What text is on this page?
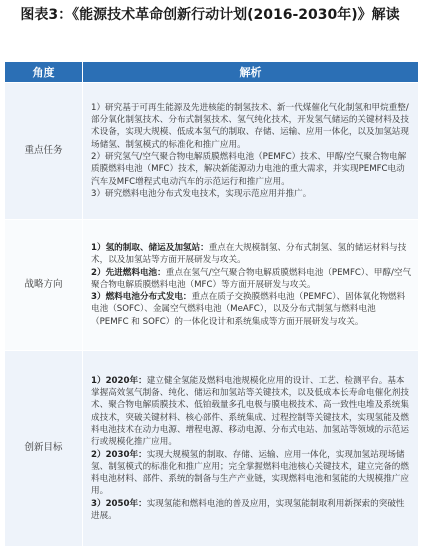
图表3：《能源技术革命创新行动计划(2016-2030年)》解读
角度	解析
重点任务	1）研究基于可再生能源及先进核能的制氢技术、新一代煤催化气化制氢和甲烷重整/部分氧化制氢技术、分布式制氢技术、氢气纯化技术，开发氢气储运的关键材料及技术设备，实现大规模、低成本氢气的制取、存储、运输、应用一体化，以及加氢站现场储氢、制氢模式的标准化和推广应用。

2）研究氢气/空气聚合物电解质膜燃料电池（PEMFC）技术、甲醇/空气聚合物电解质膜燃料电池（MFC）技术，解决新能源动力电池的重大需求，并实现PEMFC电动汽车及MFC增程式电动汽车的示范运行和推广应用。

3）研究燃料电池分布式发电技术，实现示范应用并推广。

战略方向	1）氢的制取、储运及加氢站：重点在大规模制氢、分布式制氢、氢的储运材料与技术，以及加氢站等方面开展研发与攻关。

2）先进燃料电池：重点在氢气/空气聚合物电解质膜燃料电池（PEMFC）、甲醇/空气聚合物电解质膜燃料电池（MFC）等方面开展研发与攻关。

3）燃料电池分布式发电：重点在质子交换膜燃料电池（PEMFC）、固体氧化物燃料电池（SOFC）、金属空气燃料电池（MeAFC），以及分布式制氢与燃料电池（PEMFC 和 SOFC）的一体化设计和系统集成等方面开展研发与攻关。

创新目标	1）2020年：建立健全氢能及燃料电池规模化应用的设计、工艺、检测平台。基本掌握高效氢气制备、纯化、储运和加氢站等关键技术，以及低成本长寿命电催化剂技术、聚合物电解质膜技术、低铂载量多孔电极与膜电极技术、高一致性电堆及系统集成技术，突破关键材料、核心部件、系统集成、过程控制等关键技术，实现氢能及燃料电池技术在动力电源、增程电源、移动电源、分布式电站、加氢站等领域的示范运行或规模化推广应用。

2）2030年：实现大规模氢的制取、存储、运输、应用一体化，实现加氢站现场储氢、制氢模式的标准化和推广应用；完全掌握燃料电池核心关键技术，建立完备的燃料电池材料、部件、系统的制备与生产产业链，实现燃料电池和氢能的大规模推广应用。

3）2050年：实现氢能和燃料电池的普及应用，实现氢能制取利用新探索的突破性进展。
